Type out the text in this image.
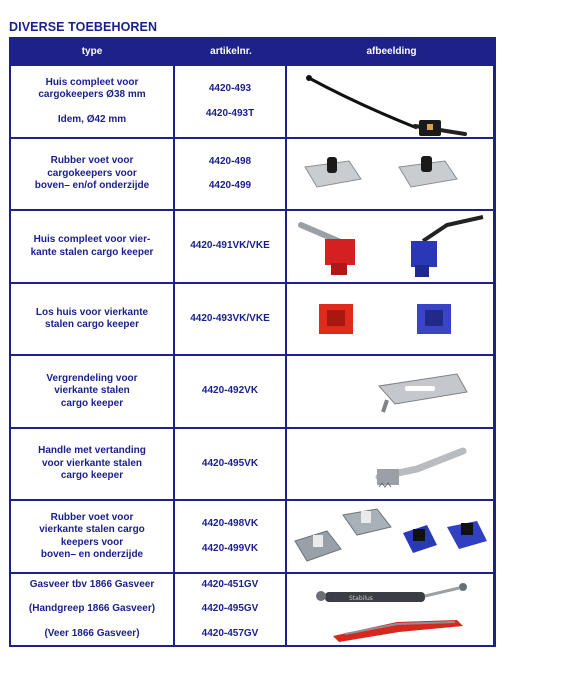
DIVERSE TOEBEHOREN
type	artikelnr.	afbeelding
Huis compleet voor
cargokeepers Ø38 mm
Idem, Ø42 mm
4420-493
4420-493T
Rubber voet voor
cargokeepers voor
boven– en/of onderzijde
4420-498
4420-499
Huis compleet voor vier-
kante stalen cargo keeper
4420-491VK/VKE
Los huis voor vierkante
stalen cargo keeper
4420-493VK/VKE
Vergrendeling voor
vierkante stalen
cargo keeper
4420-492VK
Handle met vertanding
voor vierkante stalen
cargo keeper
4420-495VK
Rubber voet voor
vierkante stalen cargo
keepers voor
boven– en onderzijde
4420-498VK
4420-499VK
Gasveer tbv 1866 Gasveer
(Handgreep 1866 Gasveer)
(Veer 1866 Gasveer)
4420-451GV
4420-495GV
4420-457GV
Stabilus
